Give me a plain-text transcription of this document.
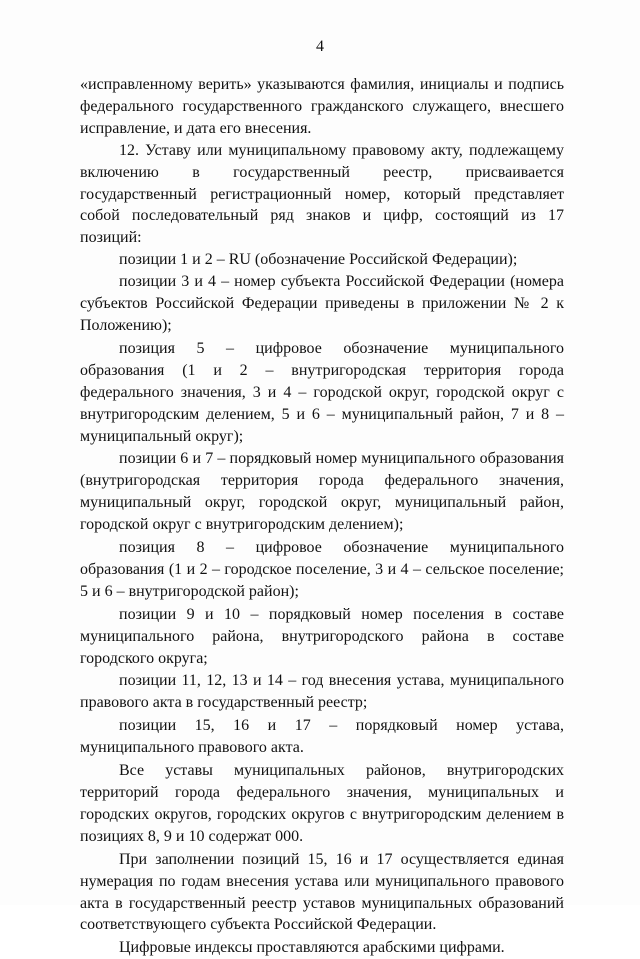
4

«исправленному верить» указываются фамилия, инициалы и подпись федерального государственного гражданского служащего, внесшего исправление, и дата его внесения.

12. Уставу или муниципальному правовому акту, подлежащему включению в государственный реестр, присваивается государственный регистрационный номер, который представляет собой последовательный ряд знаков и цифр, состоящий из 17 позиций:

позиции 1 и 2 – RU (обозначение Российской Федерации);

позиции 3 и 4 – номер субъекта Российской Федерации (номера субъектов Российской Федерации приведены в приложении № 2 к Положению);

позиция 5 – цифровое обозначение муниципального образования (1 и 2 – внутригородская территория города федерального значения, 3 и 4 – городской округ, городской округ с внутригородским делением, 5 и 6 – муниципальный район, 7 и 8 – муниципальный округ);

позиции 6 и 7 – порядковый номер муниципального образования (внутригородская территория города федерального значения, муниципальный округ, городской округ, муниципальный район, городской округ с внутригородским делением);

позиция 8 – цифровое обозначение муниципального образования (1 и 2 – городское поселение, 3 и 4 – сельское поселение; 5 и 6 – внутригородской район);

позиции 9 и 10 – порядковый номер поселения в составе муниципального района, внутригородского района в составе городского округа;

позиции 11, 12, 13 и 14 – год внесения устава, муниципального правового акта в государственный реестр;

позиции 15, 16 и 17 – порядковый номер устава, муниципального правового акта.

Все уставы муниципальных районов, внутригородских территорий города федерального значения, муниципальных и городских округов, городских округов с внутригородским делением в позициях 8, 9 и 10 содержат 000.

При заполнении позиций 15, 16 и 17 осуществляется единая нумерация по годам внесения устава или муниципального правового акта в государственный реестр уставов муниципальных образований соответствующего субъекта Российской Федерации.

Цифровые индексы проставляются арабскими цифрами.
